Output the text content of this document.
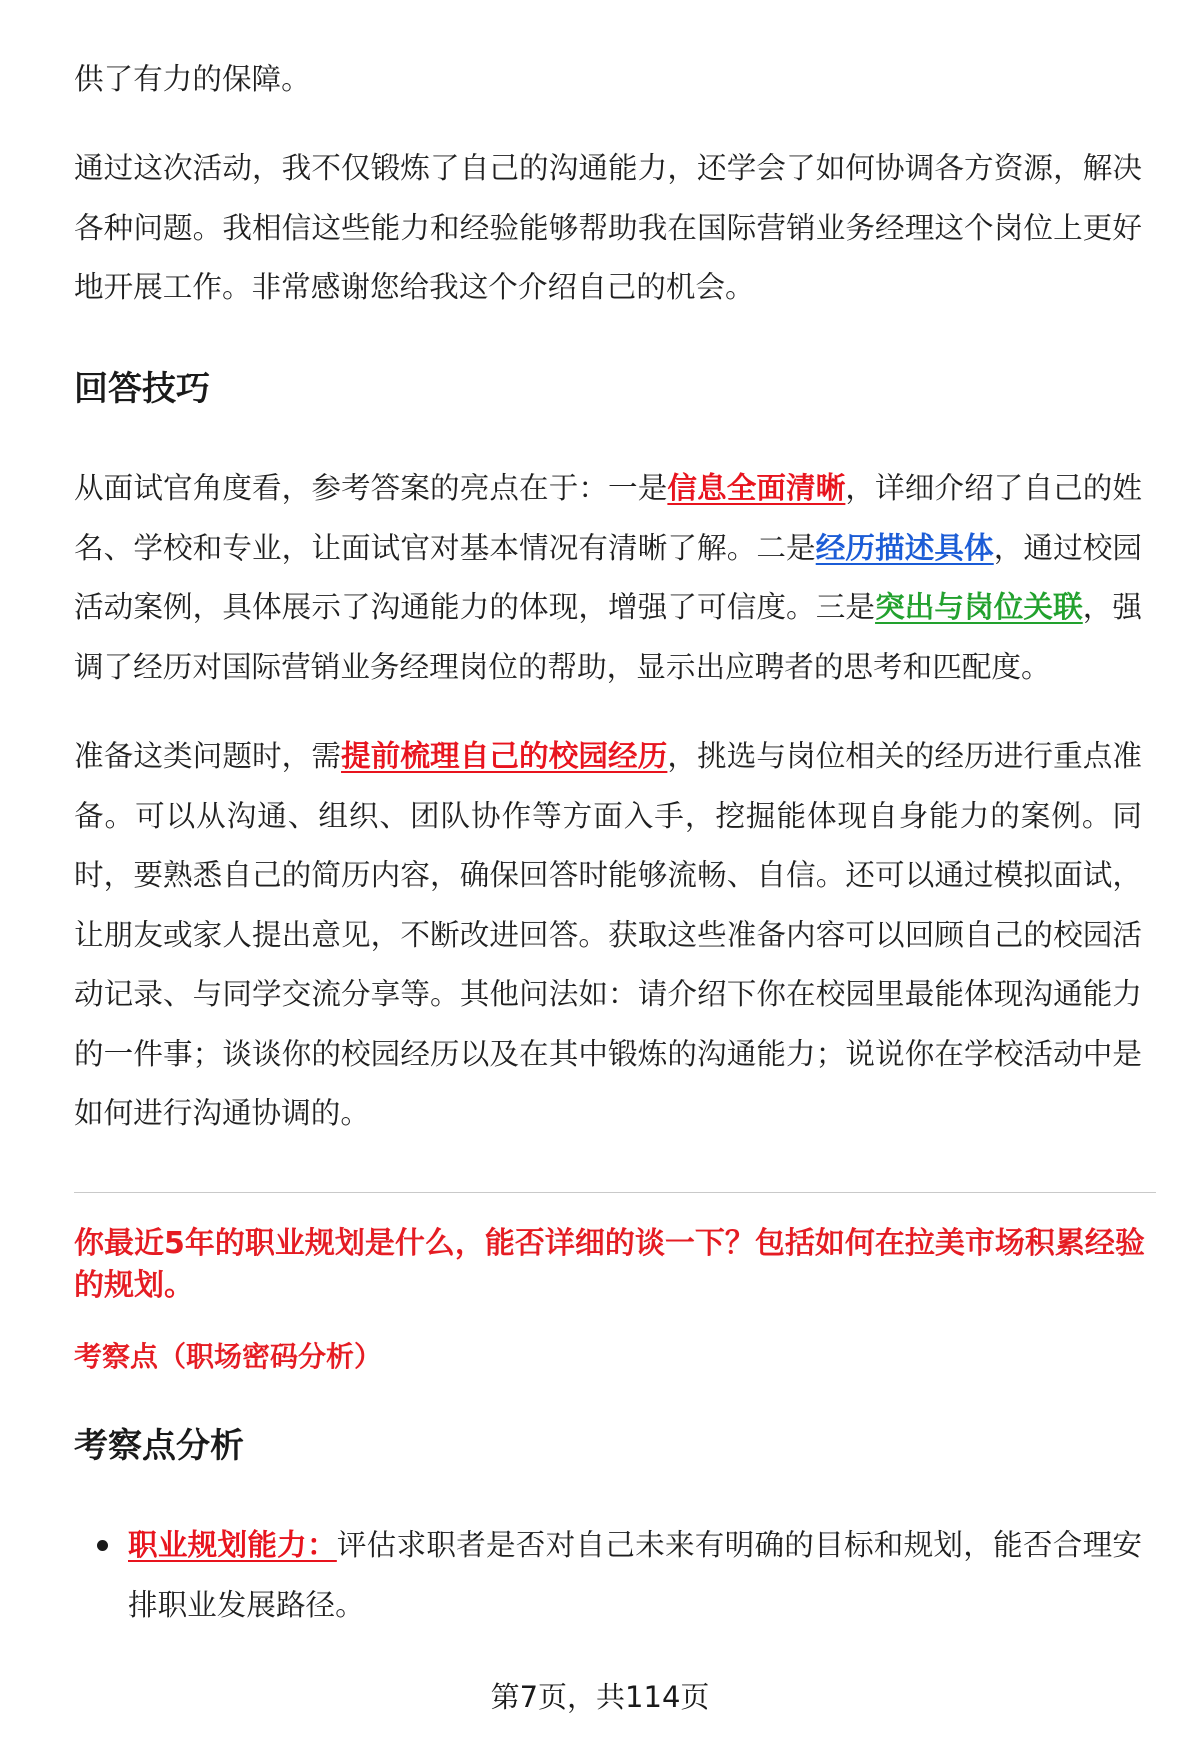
供了有力的保障。
通过这次活动，我不仅锻炼了自己的沟通能力，还学会了如何协调各方资源，解决
各种问题。我相信这些能力和经验能够帮助我在国际营销业务经理这个岗位上更好
地开展工作。非常感谢您给我这个介绍自己的机会。
回答技巧
从面试官角度看，参考答案的亮点在于：一是信息全面清晰，详细介绍了自己的姓
名、学校和专业，让面试官对基本情况有清晰了解。二是经历描述具体，通过校园
活动案例，具体展示了沟通能力的体现，增强了可信度。三是突出与岗位关联，强
调了经历对国际营销业务经理岗位的帮助，显示出应聘者的思考和匹配度。
准备这类问题时，需提前梳理自己的校园经历，挑选与岗位相关的经历进行重点准
备。可以从沟通、组织、团队协作等方面入手，挖掘能体现自身能力的案例。同
时，要熟悉自己的简历内容，确保回答时能够流畅、自信。还可以通过模拟面试，
让朋友或家人提出意见，不断改进回答。获取这些准备内容可以回顾自己的校园活
动记录、与同学交流分享等。其他问法如：请介绍下你在校园里最能体现沟通能力
的一件事；谈谈你的校园经历以及在其中锻炼的沟通能力；说说你在学校活动中是
如何进行沟通协调的。
你最近5年的职业规划是什么，能否详细的谈一下？包括如何在拉美市场积累经验
的规划。
考察点（职场密码分析）
考察点分析
职业规划能力：评估求职者是否对自己未来有明确的目标和规划，能否合理安
排职业发展路径。
第7页，共114页
